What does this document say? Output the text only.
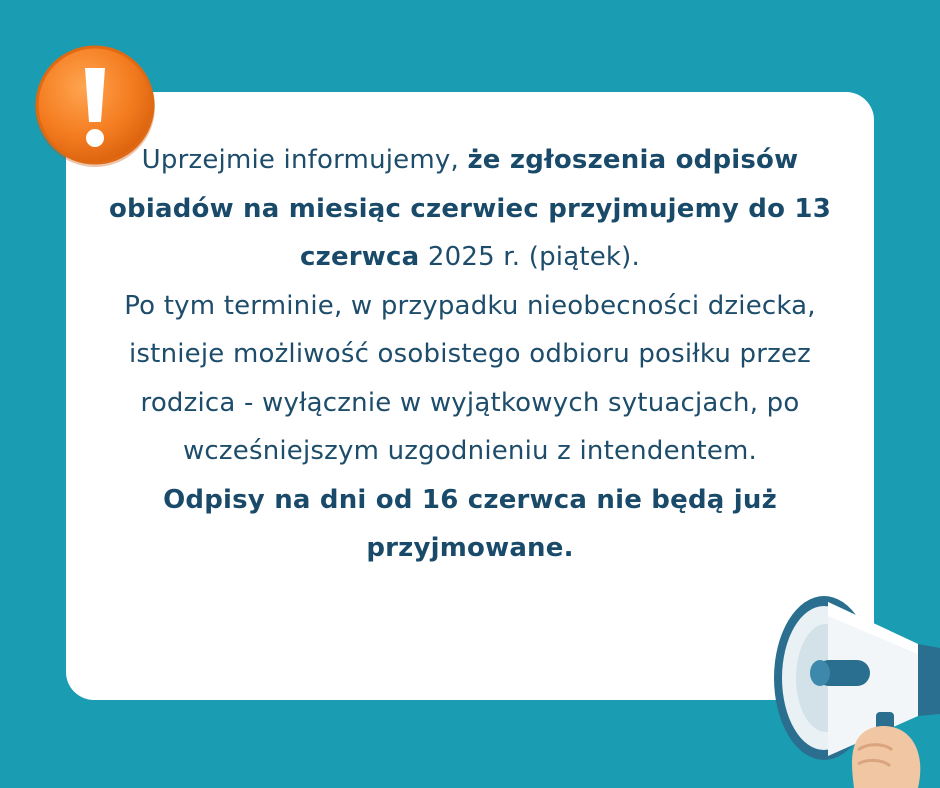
Uprzejmie informujemy, że zgłoszenia odpisów obiadów na miesiąc czerwiec przyjmujemy do 13 czerwca 2025 r. (piątek).
Po tym terminie, w przypadku nieobecności dziecka, istnieje możliwość osobistego odbioru posiłku przez rodzica - wyłącznie w wyjątkowych sytuacjach, po wcześniejszym uzgodnieniu z intendentem.
Odpisy na dni od 16 czerwca nie będą już przyjmowane.
